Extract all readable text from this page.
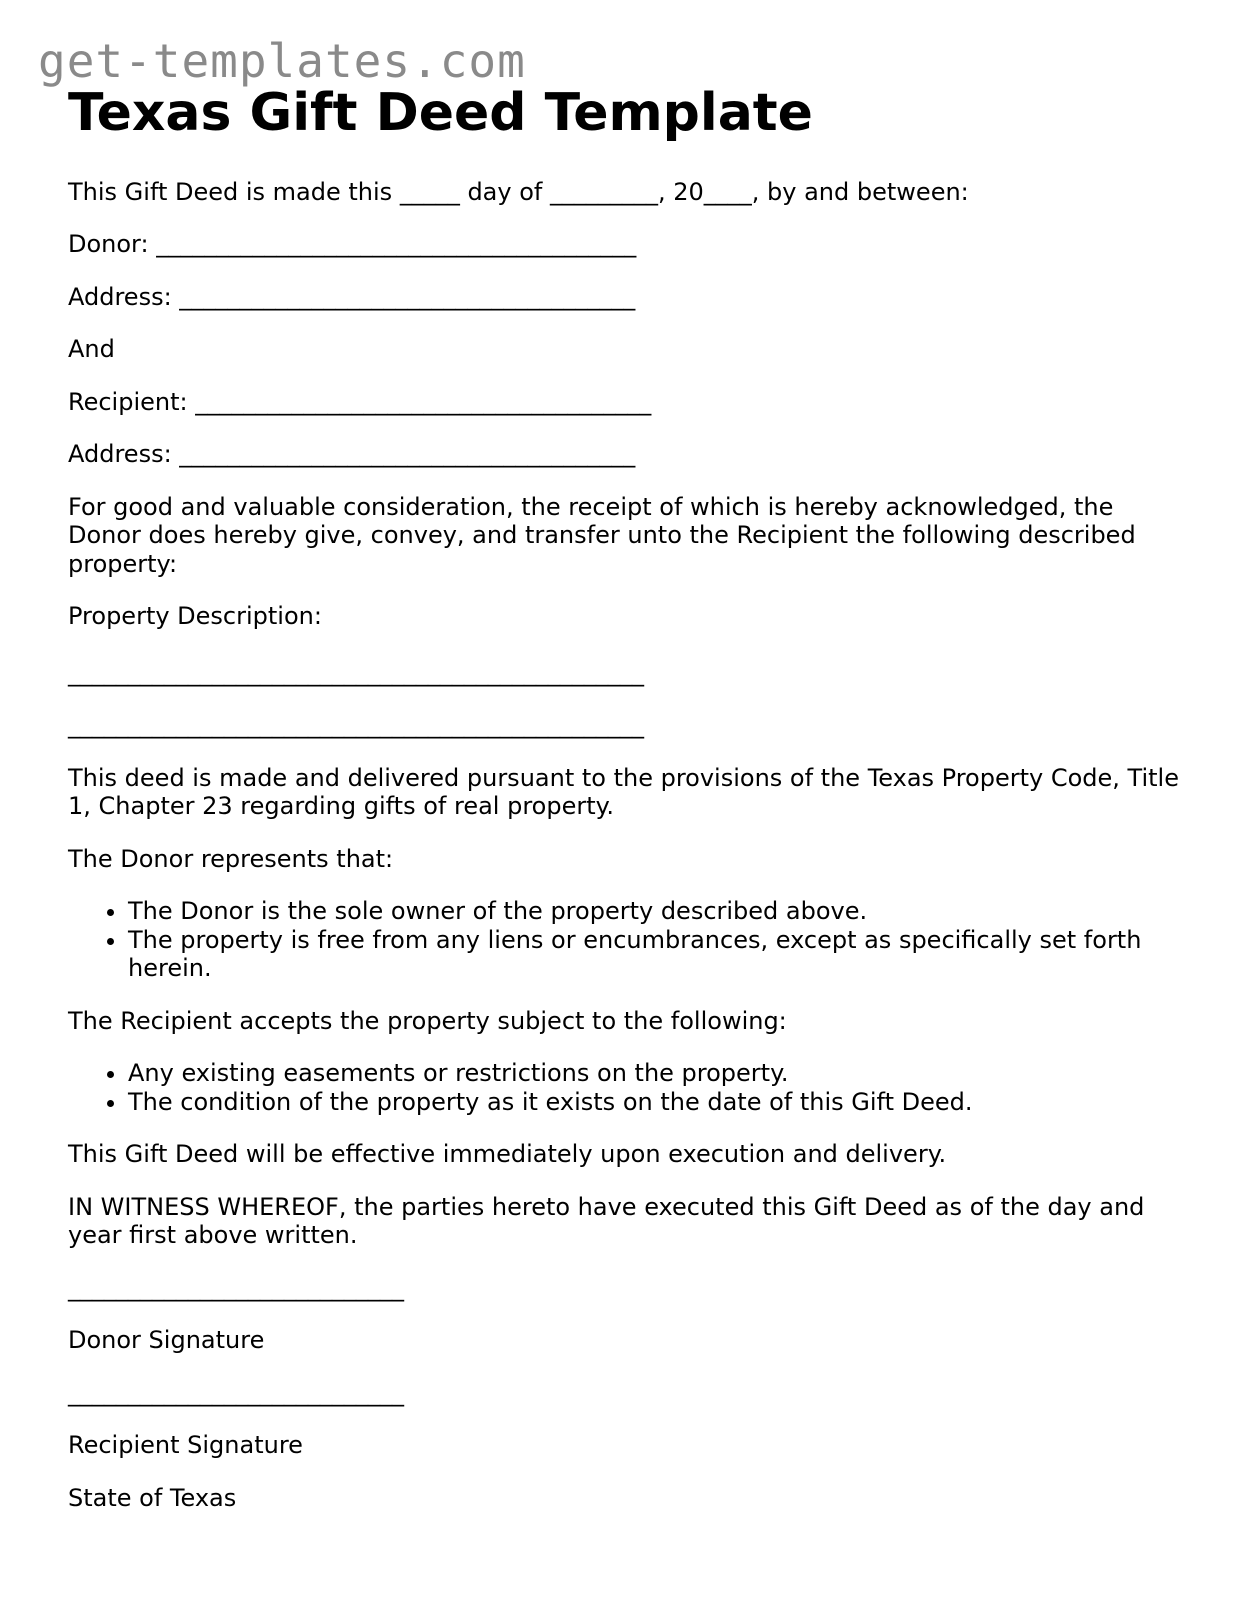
get-templates.com
Texas Gift Deed Template

This Gift Deed is made this _____ day of _________, 20____, by and between:

Donor: ________________________________________

Address: ______________________________________

And

Recipient: ______________________________________

Address: ______________________________________

For good and valuable consideration, the receipt of which is hereby acknowledged, the Donor does hereby give, convey, and transfer unto the Recipient the following described property:

Property Description:

________________________________________________

________________________________________________

This deed is made and delivered pursuant to the provisions of the Texas Property Code, Title 1, Chapter 23 regarding gifts of real property.

The Donor represents that:

• The Donor is the sole owner of the property described above.
• The property is free from any liens or encumbrances, except as specifically set forth herein.

The Recipient accepts the property subject to the following:

• Any existing easements or restrictions on the property.
• The condition of the property as it exists on the date of this Gift Deed.

This Gift Deed will be effective immediately upon execution and delivery.

IN WITNESS WHEREOF, the parties hereto have executed this Gift Deed as of the day and year first above written.

____________________________

Donor Signature

____________________________

Recipient Signature

State of Texas
